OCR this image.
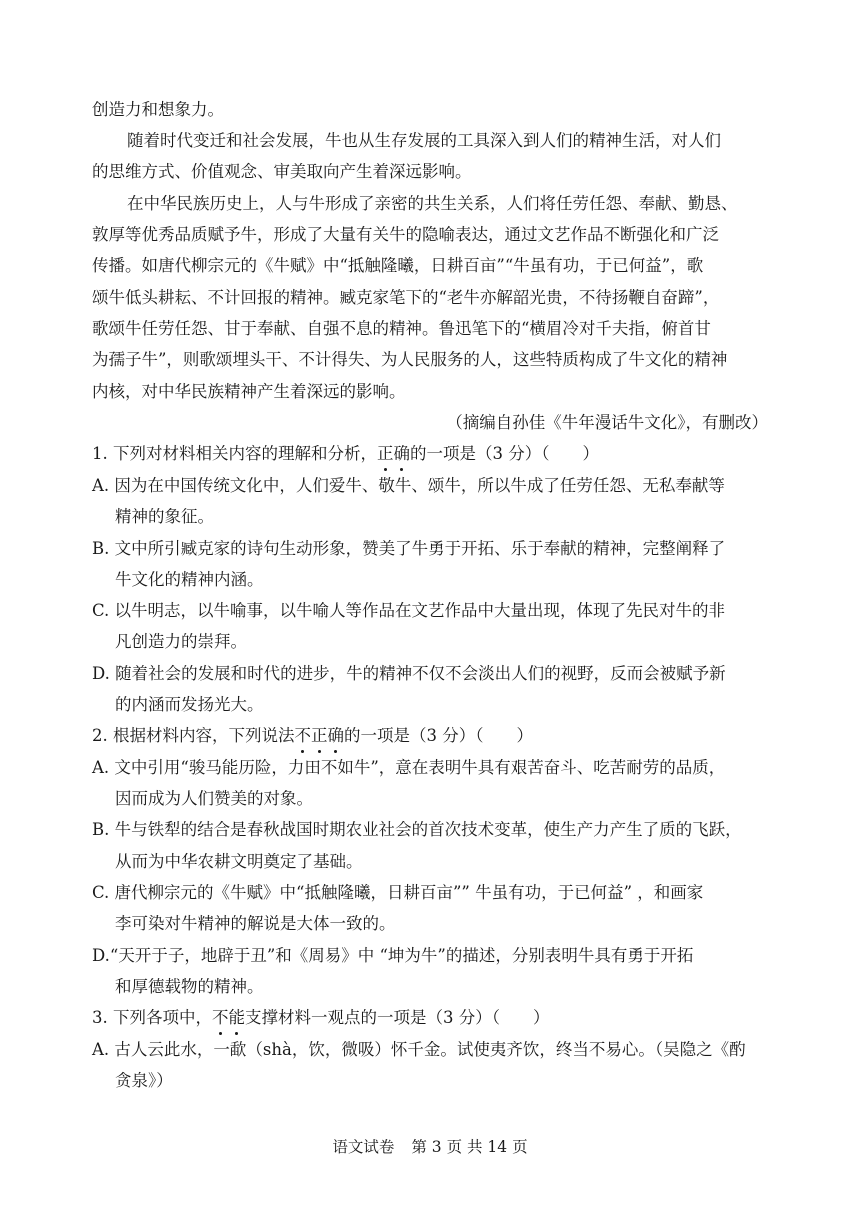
创造力和想象力。
随着时代变迁和社会发展，牛也从生存发展的工具深入到人们的精神生活，对人们
的思维方式、价值观念、审美取向产生着深远影响。
在中华民族历史上，人与牛形成了亲密的共生关系，人们将任劳任怨、奉献、勤恳、
敦厚等优秀品质赋予牛，形成了大量有关牛的隐喻表达，通过文艺作品不断强化和广泛
传播。如唐代柳宗元的《牛赋》中“抵触隆曦，日耕百亩”“牛虽有功，于已何益”，歌
颂牛低头耕耘、不计回报的精神。臧克家笔下的“老牛亦解韶光贵，不待扬鞭自奋蹄”，
歌颂牛任劳任怨、甘于奉献、自强不息的精神。鲁迅笔下的“横眉冷对千夫指，俯首甘
为孺子牛”，则歌颂埋头干、不计得失、为人民服务的人，这些特质构成了牛文化的精神
内核，对中华民族精神产生着深远的影响。
（摘编自孙佳《牛年漫话牛文化》，有删改）
1. 下列对材料相关内容的理解和分析，正确的一项是（3 分）（　　）
A. 因为在中国传统文化中，人们爱牛、敬牛、颂牛，所以牛成了任劳任怨、无私奉献等
精神的象征。
B. 文中所引臧克家的诗句生动形象，赞美了牛勇于开拓、乐于奉献的精神，完整阐释了
牛文化的精神内涵。
C. 以牛明志，以牛喻事，以牛喻人等作品在文艺作品中大量出现，体现了先民对牛的非
凡创造力的崇拜。
D. 随着社会的发展和时代的进步，牛的精神不仅不会淡出人们的视野，反而会被赋予新
的内涵而发扬光大。
2. 根据材料内容，下列说法不正确的一项是（3 分）（　　）
A. 文中引用“骏马能历险，力田不如牛”，意在表明牛具有艰苦奋斗、吃苦耐劳的品质，
因而成为人们赞美的对象。
B. 牛与铁犁的结合是春秋战国时期农业社会的首次技术变革，使生产力产生了质的飞跃，
从而为中华农耕文明奠定了基础。
C. 唐代柳宗元的《牛赋》中“抵触隆曦，日耕百亩”” 牛虽有功，于已何益” ，和画家
李可染对牛精神的解说是大体一致的。
D.“天开于子，地辟于丑”和《周易》中 “坤为牛”的描述，分别表明牛具有勇于开拓
和厚德载物的精神。
3. 下列各项中，不能支撑材料一观点的一项是（3 分）（　　）
A. 古人云此水，一歃（shà，饮，微吸）怀千金。试使夷齐饮，终当不易心。（吴隐之《酌
贪泉》）
语文试卷 第 3 页 共 14 页
